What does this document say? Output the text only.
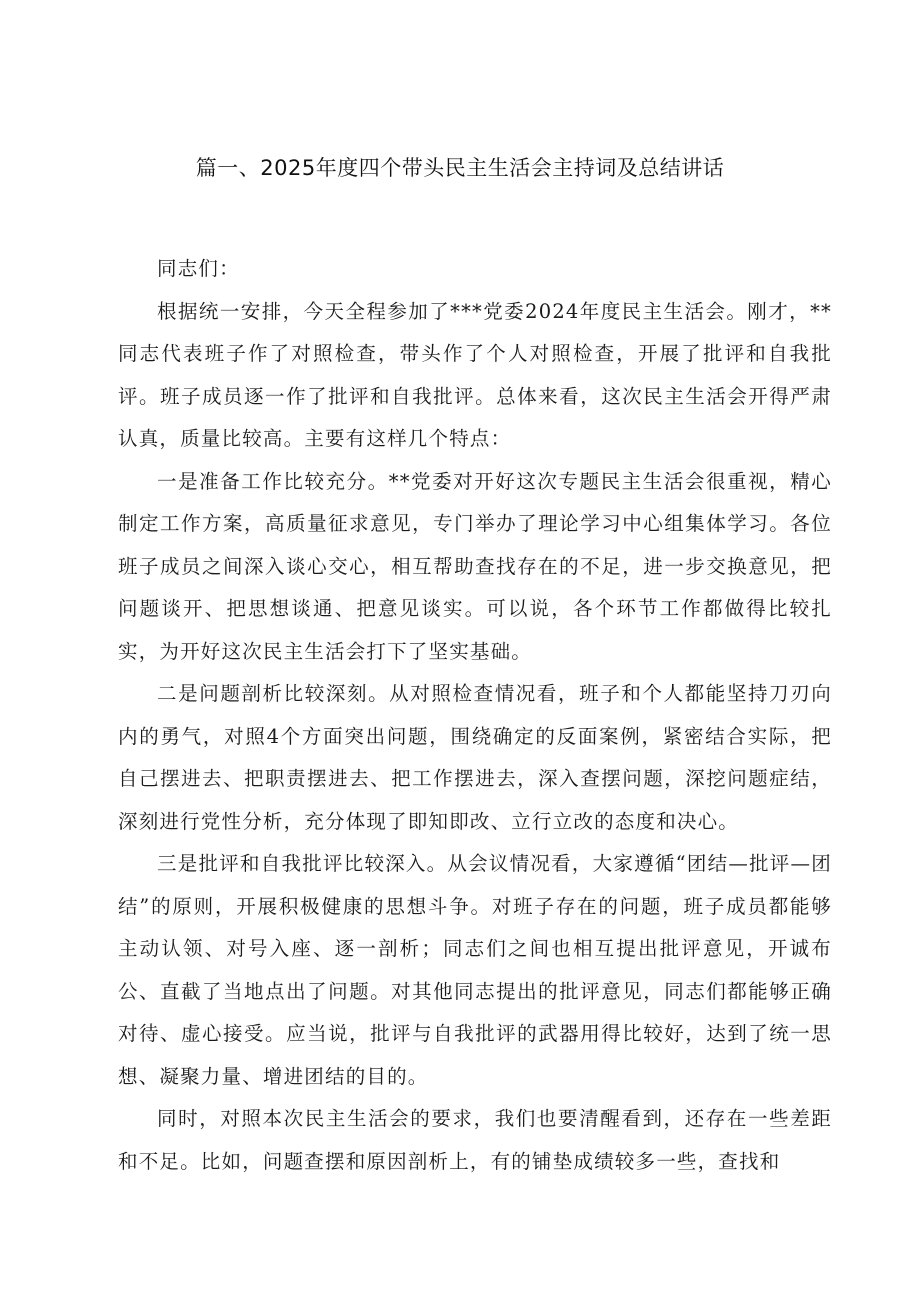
篇一、2025年度四个带头民主生活会主持词及总结讲话

同志们：

根据统一安排，今天全程参加了***党委2024年度民主生活会。刚才，**同志代表班子作了对照检查，带头作了个人对照检查，开展了批评和自我批评。班子成员逐一作了批评和自我批评。总体来看，这次民主生活会开得严肃认真，质量比较高。主要有这样几个特点：

一是准备工作比较充分。**党委对开好这次专题民主生活会很重视，精心制定工作方案，高质量征求意见，专门举办了理论学习中心组集体学习。各位班子成员之间深入谈心交心，相互帮助查找存在的不足，进一步交换意见，把问题谈开、把思想谈通、把意见谈实。可以说，各个环节工作都做得比较扎实，为开好这次民主生活会打下了坚实基础。

二是问题剖析比较深刻。从对照检查情况看，班子和个人都能坚持刀刃向内的勇气，对照4个方面突出问题，围绕确定的反面案例，紧密结合实际，把自己摆进去、把职责摆进去、把工作摆进去，深入查摆问题，深挖问题症结，深刻进行党性分析，充分体现了即知即改、立行立改的态度和决心。

三是批评和自我批评比较深入。从会议情况看，大家遵循“团结—批评—团结”的原则，开展积极健康的思想斗争。对班子存在的问题，班子成员都能够主动认领、对号入座、逐一剖析；同志们之间也相互提出批评意见，开诚布公、直截了当地点出了问题。对其他同志提出的批评意见，同志们都能够正确对待、虚心接受。应当说，批评与自我批评的武器用得比较好，达到了统一思想、凝聚力量、增进团结的目的。

同时，对照本次民主生活会的要求，我们也要清醒看到，还存在一些差距和不足。比如，问题查摆和原因剖析上，有的铺垫成绩较多一些，查找和
